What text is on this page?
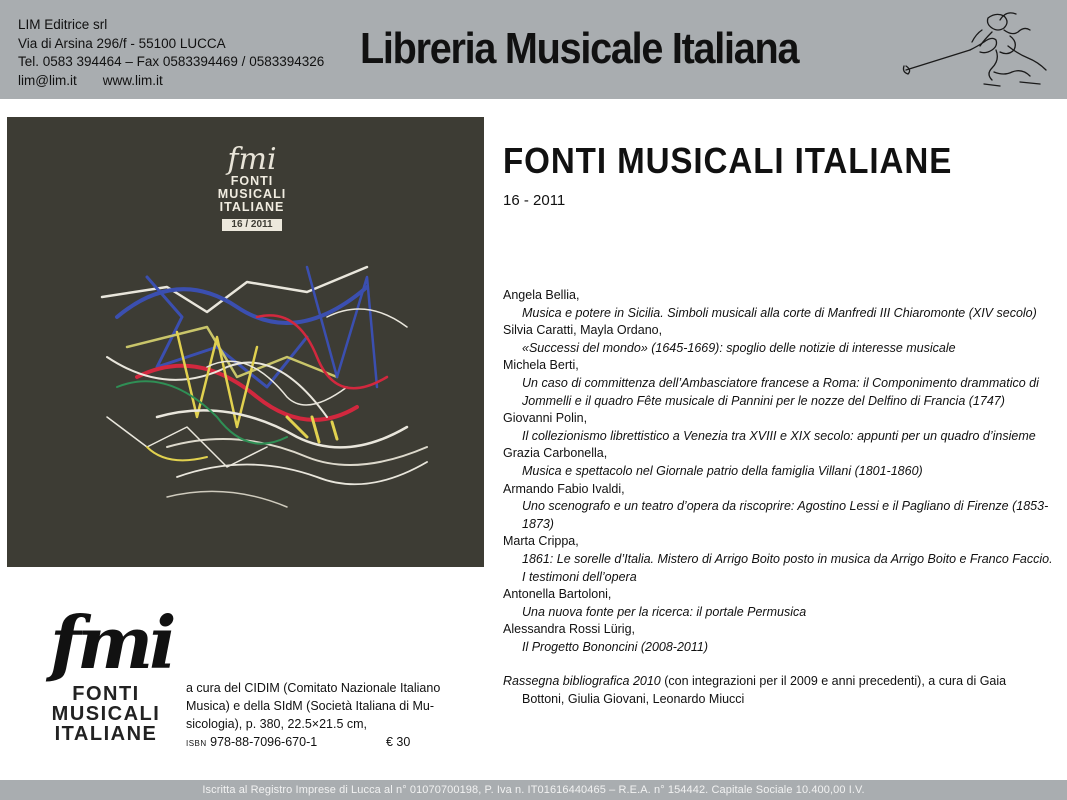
LIM Editrice srl
Via di Arsina 296/f - 55100 LUCCA
Tel. 0583 394464 – Fax 0583394469 / 0583394326
lim@lim.it www.lim.it
Libreria Musicale Italiana
fmi
FONTI
MUSICALI
ITALIANE
16 / 2011
FONTI MUSICALI ITALIANE
16 - 2011
Angela Bellia,
Musica e potere in Sicilia. Simboli musicali alla corte di Manfredi III Chiaromonte (XIV secolo)
Silvia Caratti, Mayla Ordano,
«Successi del mondo» (1645-1669): spoglio delle notizie di interesse musicale
Michela Berti,
Un caso di committenza dell’Ambasciatore francese a Roma: il Componimento drammatico di Jommelli e il quadro Fête musicale di Pannini per le nozze del Delfino di Francia (1747)
Giovanni Polin,
Il collezionismo librettistico a Venezia tra XVIII e XIX secolo: appunti per un quadro d’insieme
Grazia Carbonella,
Musica e spettacolo nel Giornale patrio della famiglia Villani (1801-1860)
Armando Fabio Ivaldi,
Uno scenografo e un teatro d’opera da riscoprire: Agostino Lessi e il Pagliano di Firenze (1853-1873)
Marta Crippa,
1861: Le sorelle d’Italia. Mistero di Arrigo Boito posto in musica da Arrigo Boito e Franco Faccio. I testimoni dell’opera
Antonella Bartoloni,
Una nuova fonte per la ricerca: il portale Permusica
Alessandra Rossi Lürig,
Il Progetto Bononcini (2008-2011)
Rassegna bibliografica 2010 (con integrazioni per il 2009 e anni precedenti), a cura di Gaia
Bottoni, Giulia Giovani, Leonardo Miucci
fmi
FONTI
MUSICALI
ITALIANE
a cura del CIDIM (Comitato Nazionale Italiano
Musica) e della SIdM (Società Italiana di Mu-
sicologia), p. 380, 22.5×21.5 cm,
ISBN 978-88-7096-670-1	€ 30
Iscritta al Registro Imprese di Lucca al n° 01070700198, P. Iva n. IT01616440465 – R.E.A. n° 154442. Capitale Sociale 10.400,00 I.V.
